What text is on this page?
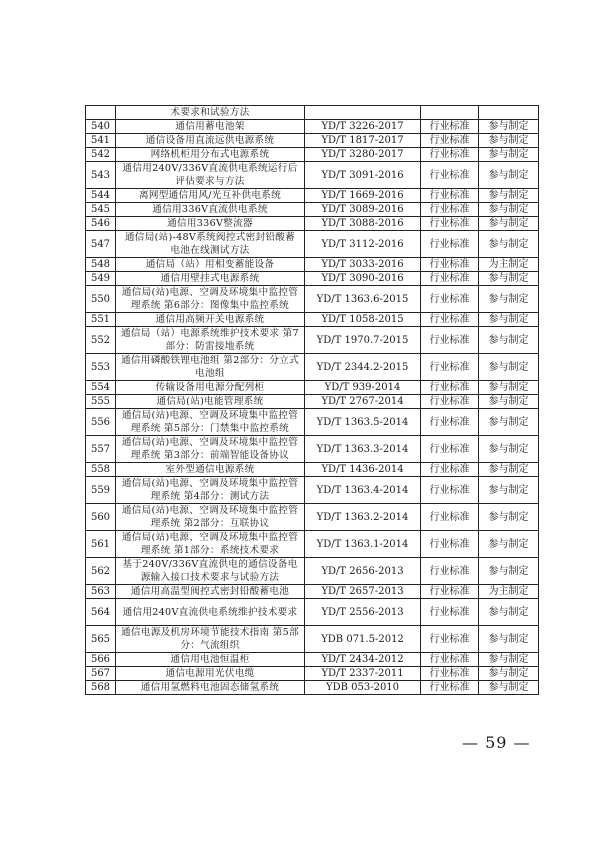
	术要求和试验方法			
540	通信用蓄电池架	YD/T 3226-2017	行业标准	参与制定
541	通信设备用直流远供电源系统	YD/T 1817-2017	行业标准	参与制定
542	网络机柜用分布式电源系统	YD/T 3280-2017	行业标准	参与制定
543	通信用240V/336V直流供电系统运行后评估要求与方法	YD/T 3091-2016	行业标准	参与制定
544	离网型通信用风/光互补供电系统	YD/T 1669-2016	行业标准	参与制定
545	通信用336V直流供电系统	YD/T 3089-2016	行业标准	参与制定
546	通信用336V整流器	YD/T 3088-2016	行业标准	参与制定
547	通信局(站)-48V系统阀控式密封铅酸蓄电池在线测试方法	YD/T 3112-2016	行业标准	参与制定
548	通信局（站）用相变蓄能设备	YD/T 3033-2016	行业标准	为主制定
549	通信用壁挂式电源系统	YD/T 3090-2016	行业标准	参与制定
550	通信局(站)电源、空调及环境集中监控管理系统 第6部分：图像集中监控系统	YD/T 1363.6-2015	行业标准	参与制定
551	通信用高频开关电源系统	YD/T 1058-2015	行业标准	参与制定
552	通信局（站）电源系统维护技术要求 第7部分：防雷接地系统	YD/T 1970.7-2015	行业标准	参与制定
553	通信用磷酸铁锂电池组 第2部分：分立式电池组	YD/T 2344.2-2015	行业标准	参与制定
554	传输设备用电源分配列柜	YD/T 939-2014	行业标准	参与制定
555	通信局(站)电能管理系统	YD/T 2767-2014	行业标准	参与制定
556	通信局(站)电源、空调及环境集中监控管理系统 第5部分：门禁集中监控系统	YD/T 1363.5-2014	行业标准	参与制定
557	通信局(站)电源、空调及环境集中监控管理系统 第3部分：前端智能设备协议	YD/T 1363.3-2014	行业标准	参与制定
558	室外型通信电源系统	YD/T 1436-2014	行业标准	参与制定
559	通信局(站)电源、空调及环境集中监控管理系统 第4部分：测试方法	YD/T 1363.4-2014	行业标准	参与制定
560	通信局(站)电源、空调及环境集中监控管理系统 第2部分：互联协议	YD/T 1363.2-2014	行业标准	参与制定
561	通信局(站)电源、空调及环境集中监控管理系统 第1部分：系统技术要求	YD/T 1363.1-2014	行业标准	参与制定
562	基于240V/336V直流供电的通信设备电源输入接口技术要求与试验方法	YD/T 2656-2013	行业标准	参与制定
563	通信用高温型阀控式密封铅酸蓄电池	YD/T 2657-2013	行业标准	为主制定
564	通信用240V直流供电系统维护技术要求	YD/T 2556-2013	行业标准	参与制定
565	通信电源及机房环境节能技术指南 第5部分：气流组织	YDB 071.5-2012	行业标准	参与制定
566	通信用电池恒温柜	YD/T 2434-2012	行业标准	参与制定
567	通信电源用光伏电缆	YD/T 2337-2011	行业标准	参与制定
568	通信用氢燃料电池固态储氢系统	YDB 053-2010	行业标准	参与制定
— 59 —
